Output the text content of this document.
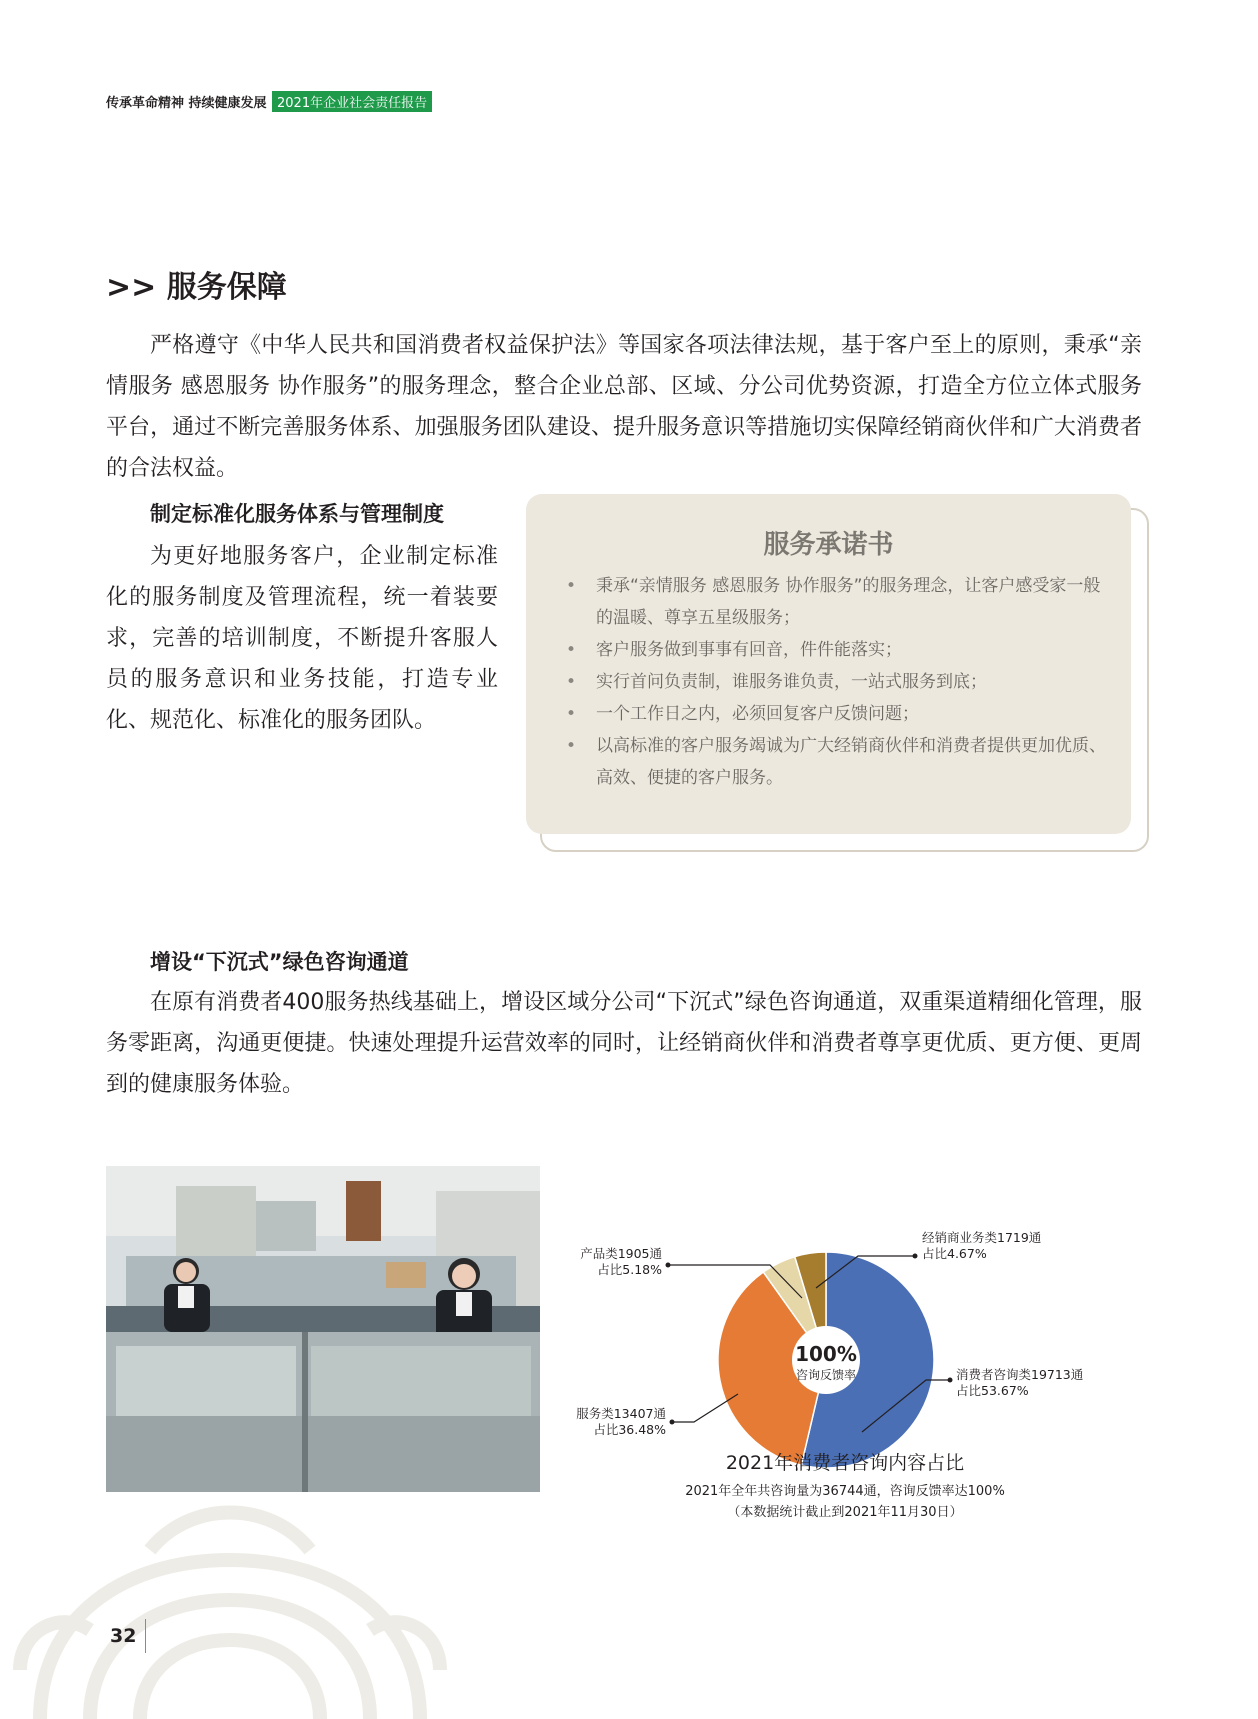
传承革命精神 持续健康发展 2021年企业社会责任报告
>> 服务保障

严格遵守《中华人民共和国消费者权益保护法》等国家各项法律法规，基于客户至上的原则，秉承“亲情服务 感恩服务 协作服务”的服务理念，整合企业总部、区域、分公司优势资源，打造全方位立体式服务平台，通过不断完善服务体系、加强服务团队建设、提升服务意识等措施切实保障经销商伙伴和广大消费者的合法权益。

制定标准化服务体系与管理制度

为更好地服务客户，企业制定标准化的服务制度及管理流程，统一着装要求，完善的培训制度，不断提升客服人员的服务意识和业务技能，打造专业化、规范化、标准化的服务团队。

服务承诺书
• 秉承“亲情服务 感恩服务 协作服务”的服务理念，让客户感受家一般的温暖、尊享五星级服务；
• 客户服务做到事事有回音，件件能落实；
• 实行首问负责制，谁服务谁负责，一站式服务到底；
• 一个工作日之内，必须回复客户反馈问题；
• 以高标准的客户服务竭诚为广大经销商伙伴和消费者提供更加优质、高效、便捷的客户服务。
增设“下沉式”绿色咨询通道

在原有消费者400服务热线基础上，增设区域分公司“下沉式”绿色咨询通道，双重渠道精细化管理，服务零距离，沟通更便捷。快速处理提升运营效率的同时，让经销商伙伴和消费者尊享更优质、更方便、更周到的健康服务体验。

100%
咨询反馈率
产品类1905通
占比5.18%
经销商业务类1719通
占比4.67%
消费者咨询类19713通
占比53.67%
服务类13407通
占比36.48%
2021年消费者咨询内容占比
2021年全年共咨询量为36744通，咨询反馈率达100%
（本数据统计截止到2021年11月30日）
32
